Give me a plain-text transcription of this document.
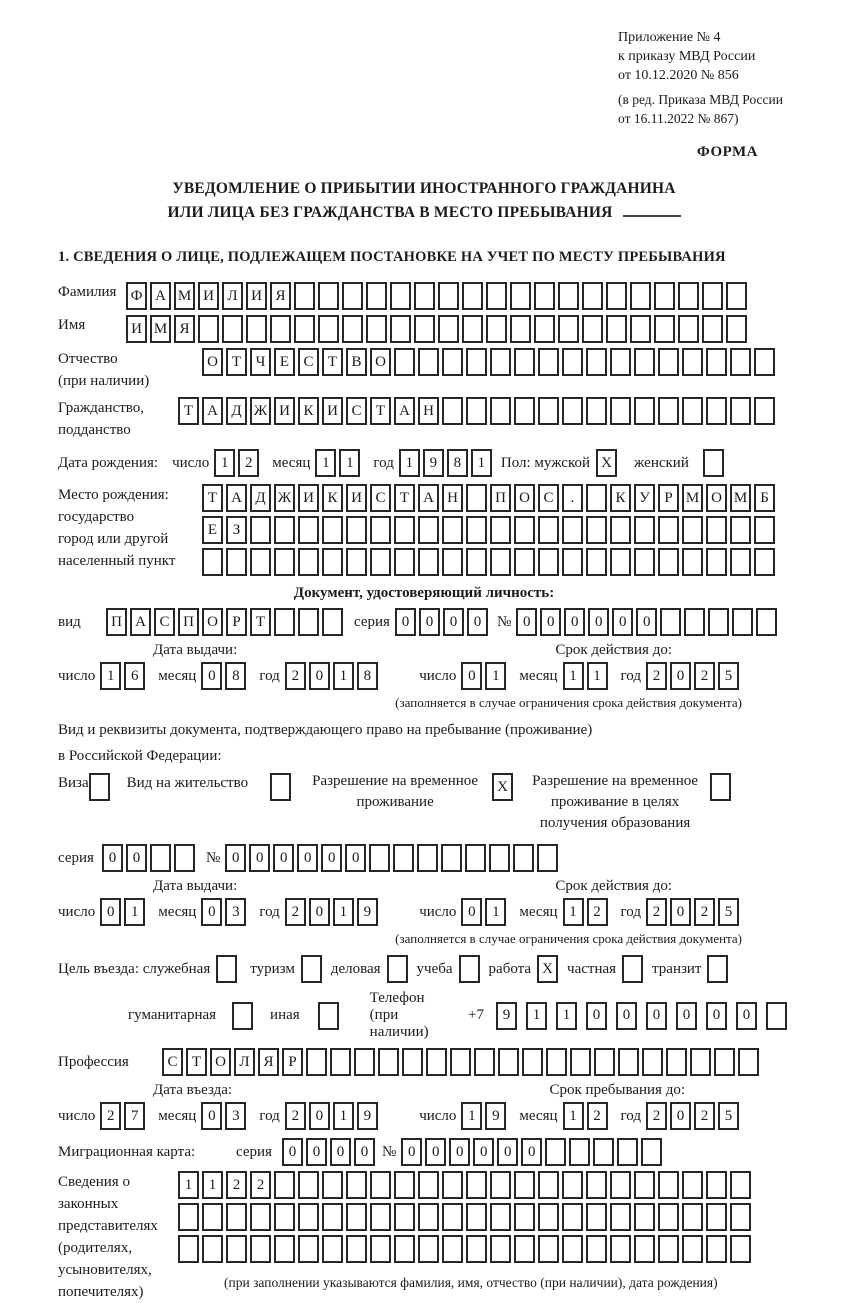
Приложение № 4
к приказу МВД России
от 10.12.2020 № 856
(в ред. Приказа МВД России
от 16.11.2022 № 867)
ФОРМА
УВЕДОМЛЕНИЕ О ПРИБЫТИИ ИНОСТРАННОГО ГРАЖДАНИНА
ИЛИ ЛИЦА БЕЗ ГРАЖДАНСТВА В МЕСТО ПРЕБЫВАНИЯ
1. СВЕДЕНИЯ О ЛИЦЕ, ПОДЛЕЖАЩЕМ ПОСТАНОВКЕ НА УЧЕТ ПО МЕСТУ ПРЕБЫВАНИЯ
Фамилия Ф А М И Л И Я
Имя	И М Я
Отчество
(при наличии)
О Т Ч Е С Т В О
Гражданство,
подданство
Т А Д Ж И К И С Т А Н
Дата рождения: число 1	2	месяц 1	1	год 1	9	8	1	Пол: мужской X	женский
Место рождения:
государство
город или другой
населенный пункт
Т А Д Ж И К И С Т А Н	П О С	.	К У Р М О М Б
Е	З
Документ, удостоверяющий личность:
вид	П А С П О Р	Т	серия 0	0	0	0	№ 0	0	0	0	0	0
Дата выдачи:	Срок действия до:
число 1	6	месяц 0	8	год 2	0	1	8	число 0	1	месяц 1	1	год 2	0	2	5
(заполняется в случае ограничения срока действия документа)
Вид и реквизиты документа, подтверждающего право на пребывание (проживание)
в Российской Федерации:
Виза	Вид на жительство	Разрешение на временное
проживание
X	Разрешение на временное
проживание в целях
получения образования
серия 0	0	№ 0	0	0	0	0	0
Дата выдачи:	Срок действия до:
число 0	1	месяц 0	3	год 2	0	1	9	число 0	1	месяц 1	2	год 2	0	2	5
(заполняется в случае ограничения срока действия документа)
Цель въезда: служебная	туризм деловая учеба работа X частная транзит
гуманитарная	иная
Телефон (при наличии)
+7	9	1	1	0	0	0	0	0	0
Профессия	С Т О Л Я Р
Дата въезда:	Срок пребывания до:
число 2	7	месяц 0	3	год 2	0	1	9	число 1	9	месяц 1	2	год 2	0	2	5
Миграционная карта:	серия	0	0	0	0 № 0	0	0	0	0	0
Сведения о
законных
представителях
(родителях,
усыновителях,
попечителях)
1	1	2	2
(при заполнении указываются фамилия, имя, отчество (при наличии), дата рождения)
